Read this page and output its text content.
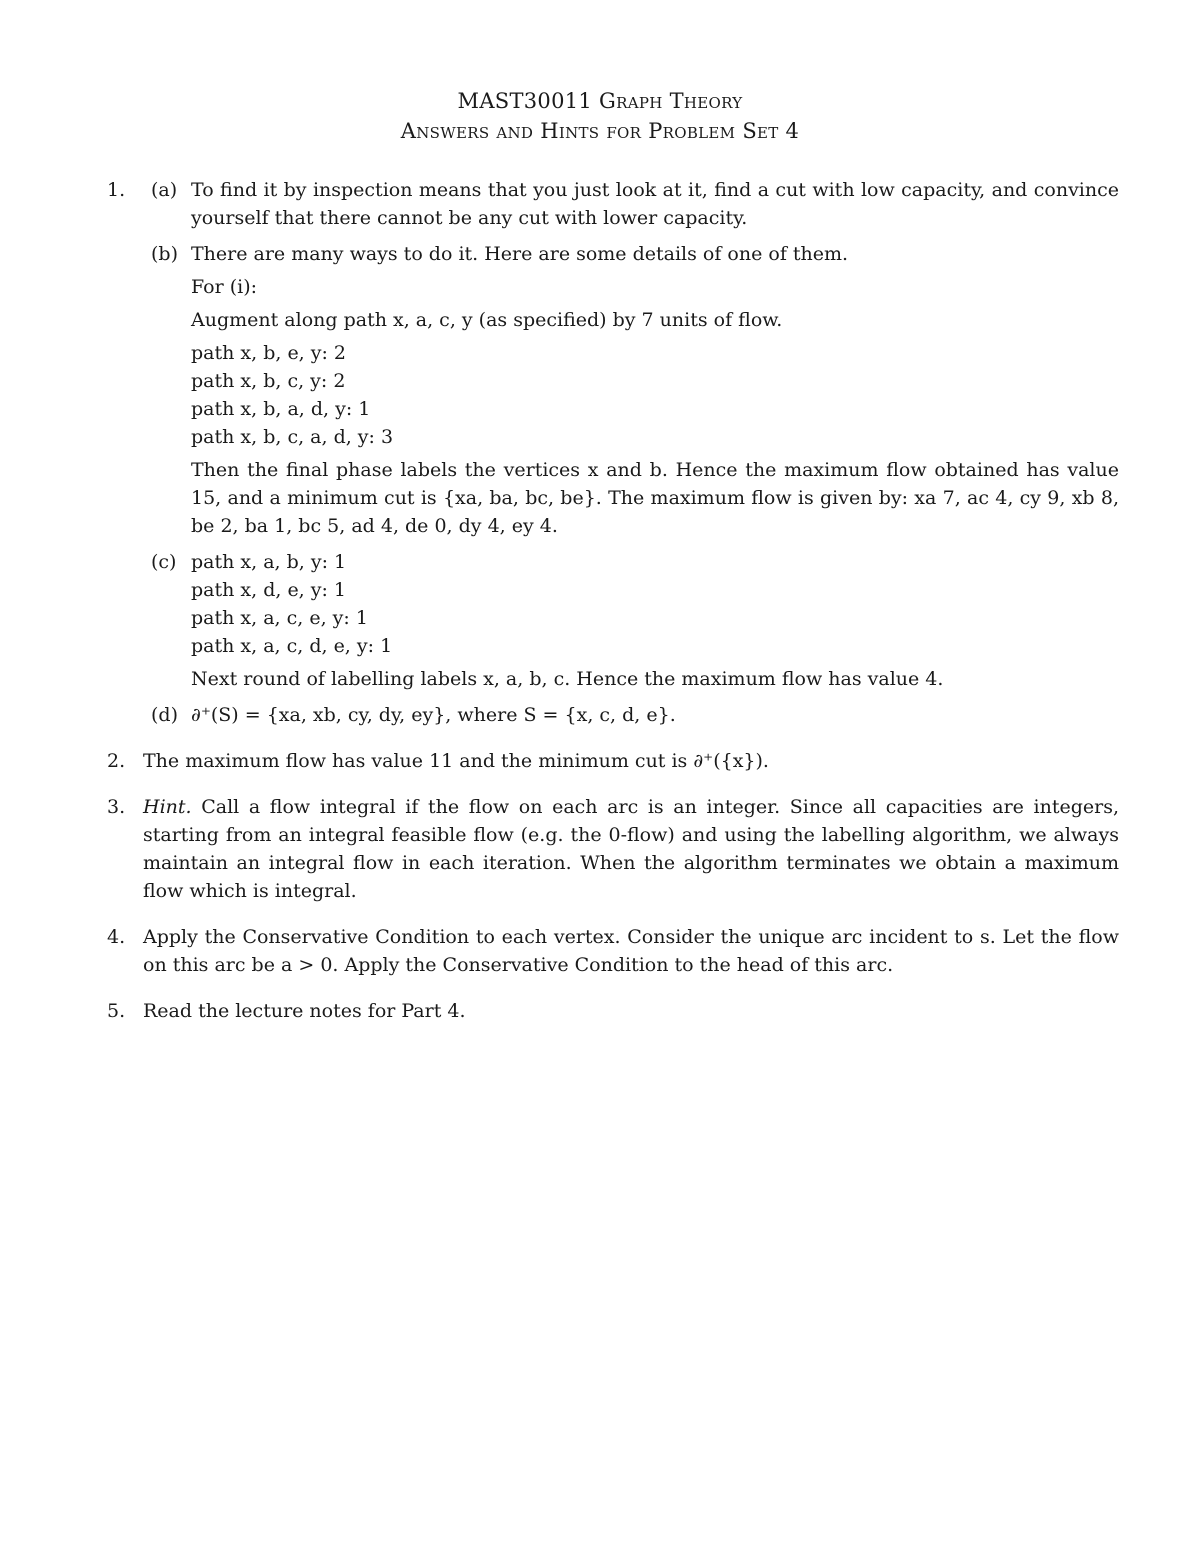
MAST30011 Graph Theory
Answers and Hints for Problem Set 4
1. (a) To find it by inspection means that you just look at it, find a cut with low capacity, and convince yourself that there cannot be any cut with lower capacity.
(b) There are many ways to do it. Here are some details of one of them.
For (i):
Augment along path x, a, c, y (as specified) by 7 units of flow.
path x, b, e, y: 2
path x, b, c, y: 2
path x, b, a, d, y: 1
path x, b, c, a, d, y: 3
Then the final phase labels the vertices x and b. Hence the maximum flow obtained has value 15, and a minimum cut is {xa, ba, bc, be}. The maximum flow is given by: xa 7, ac 4, cy 9, xb 8, be 2, ba 1, bc 5, ad 4, de 0, dy 4, ey 4.
(c) path x, a, b, y: 1
path x, d, e, y: 1
path x, a, c, e, y: 1
path x, a, c, d, e, y: 1
Next round of labelling labels x, a, b, c. Hence the maximum flow has value 4.
(d) ∂⁺(S) = {xa, xb, cy, dy, ey}, where S = {x, c, d, e}.
2. The maximum flow has value 11 and the minimum cut is ∂⁺({x}).
3. Hint. Call a flow integral if the flow on each arc is an integer. Since all capacities are integers, starting from an integral feasible flow (e.g. the 0-flow) and using the labelling algorithm, we always maintain an integral flow in each iteration. When the algorithm terminates we obtain a maximum flow which is integral.
4. Apply the Conservative Condition to each vertex. Consider the unique arc incident to s. Let the flow on this arc be a > 0. Apply the Conservative Condition to the head of this arc.
5. Read the lecture notes for Part 4.
